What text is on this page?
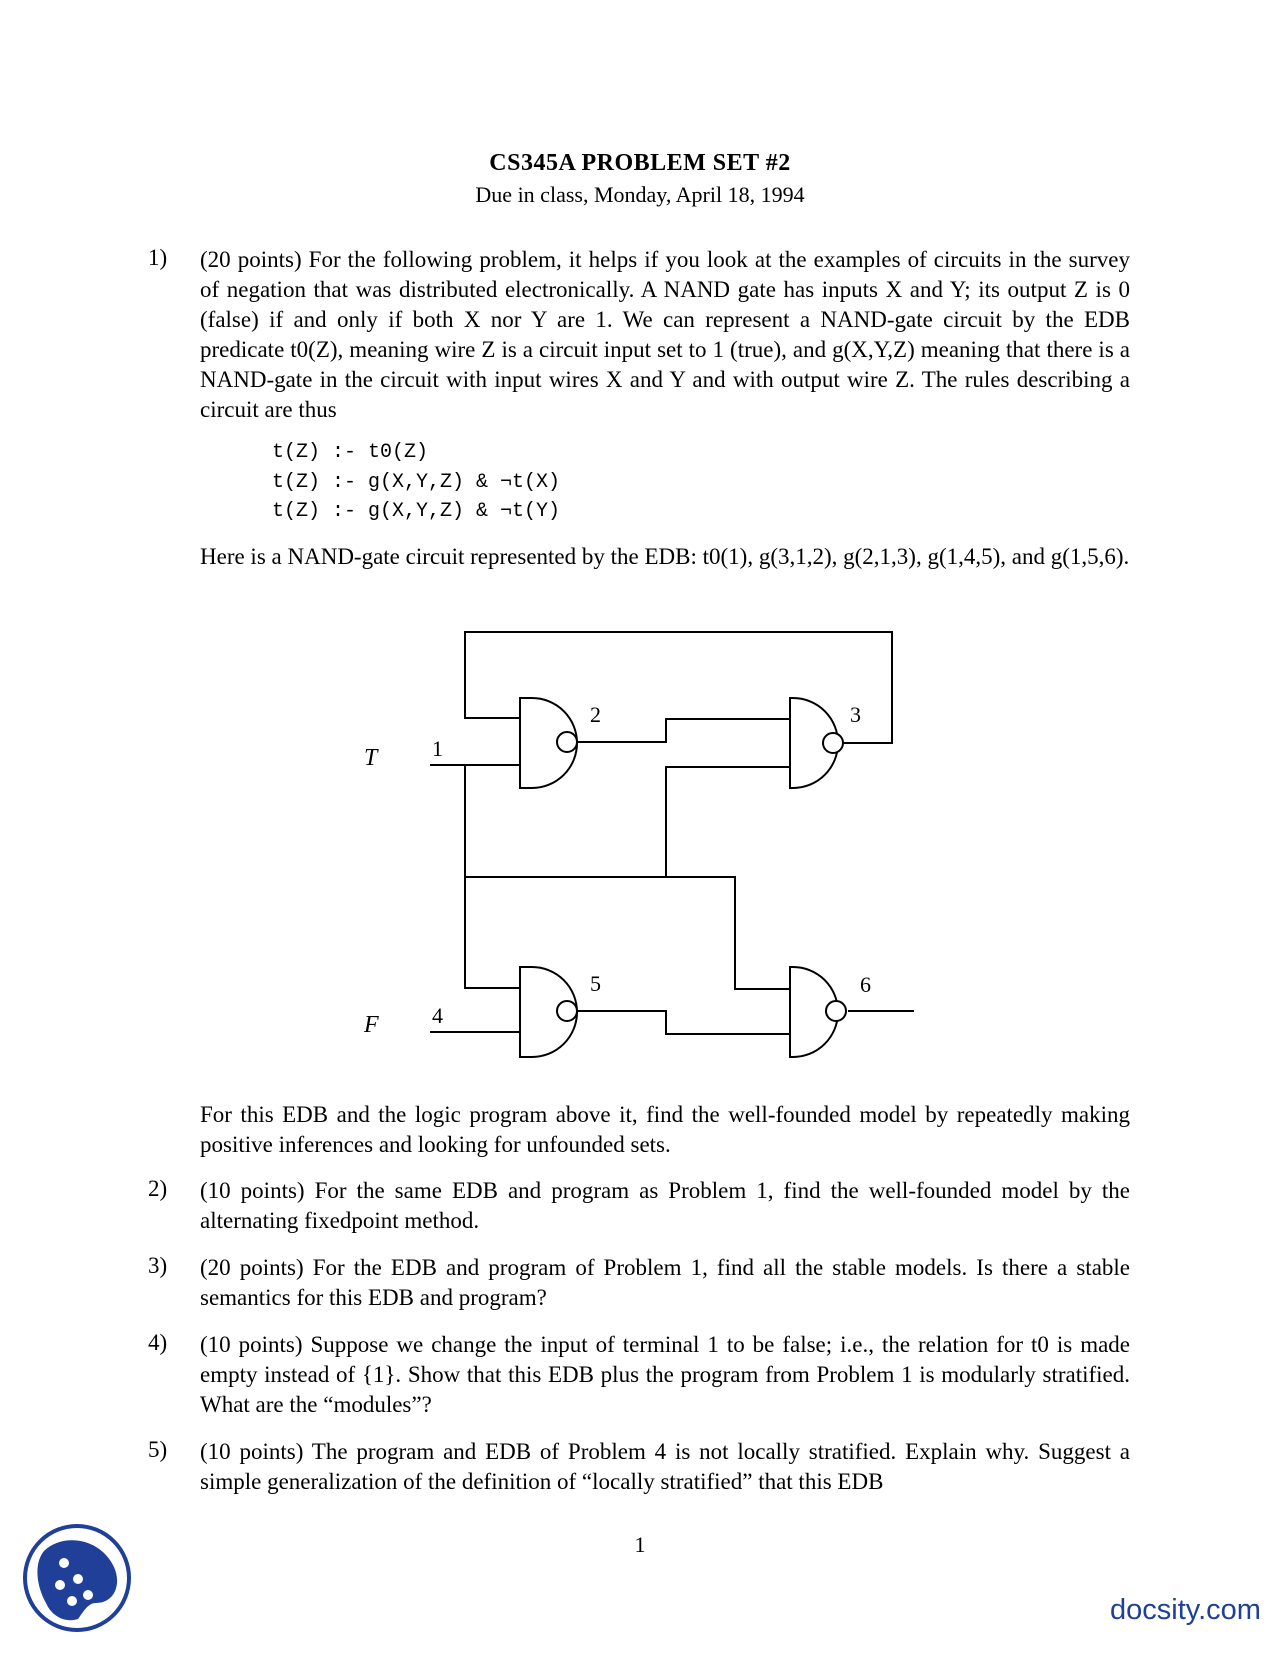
CS345A PROBLEM SET #2
Due in class, Monday, April 18, 1994
1) (20 points) For the following problem, it helps if you look at the examples of circuits in the survey of negation that was distributed electronically. A NAND gate has inputs X and Y; its output Z is 0 (false) if and only if both X nor Y are 1. We can represent a NAND-gate circuit by the EDB predicate t0(Z), meaning wire Z is a circuit input set to 1 (true), and g(X,Y,Z) meaning that there is a NAND-gate in the circuit with input wires X and Y and with output wire Z. The rules describing a circuit are thus
t(Z) :- t0(Z)
t(Z) :- g(X,Y,Z) & ¬t(X)
t(Z) :- g(X,Y,Z) & ¬t(Y)
Here is a NAND-gate circuit represented by the EDB: t0(1), g(3,1,2), g(2,1,3), g(1,4,5), and g(1,5,6).
T
F
1
2	3
4
5	6
For this EDB and the logic program above it, find the well-founded model by repeatedly making positive inferences and looking for unfounded sets.
2) (10 points) For the same EDB and program as Problem 1, find the well-founded model by the alternating fixedpoint method.
3) (20 points) For the EDB and program of Problem 1, find all the stable models. Is there a stable semantics for this EDB and program?
4) (10 points) Suppose we change the input of terminal 1 to be false; i.e., the relation for t0 is made empty instead of {1}. Show that this EDB plus the program from Problem 1 is modularly stratified. What are the “modules”?
5) (10 points) The program and EDB of Problem 4 is not locally stratified. Explain why. Suggest a simple generalization of the definition of “locally stratified” that this EDB
1
docsity.com
